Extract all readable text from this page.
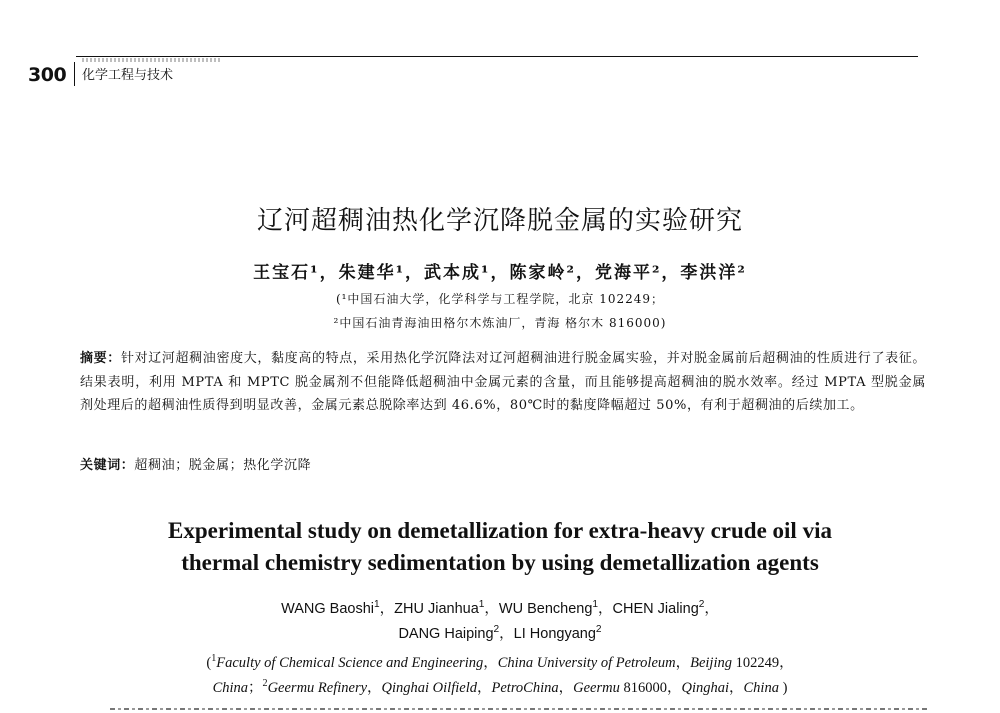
300 化学工程与技术
辽河超稠油热化学沉降脱金属的实验研究
王宝石¹，朱建华¹，武本成¹，陈家岭²，党海平²，李洪洋²
(¹中国石油大学，化学科学与工程学院，北京 102249；
²中国石油青海油田格尔木炼油厂，青海 格尔木 816000)
摘要：针对辽河超稠油密度大，黏度高的特点，采用热化学沉降法对辽河超稠油进行脱金属实验，并对脱金属前后超稠油的性质进行了表征。结果表明，利用 MPTA 和 MPTC 脱金属剂不但能降低超稠油中金属元素的含量，而且能够提高超稠油的脱水效率。经过 MPTA 型脱金属剂处理后的超稠油性质得到明显改善，金属元素总脱除率达到 46.6%，80℃时的黏度降幅超过 50%，有利于超稠油的后续加工。
关键词：超稠油；脱金属；热化学沉降
Experimental study on demetallization for extra-heavy crude oil via
thermal chemistry sedimentation by using demetallization agents
WANG Baoshi$^1$，ZHU Jianhua$^1$，WU Bencheng$^1$，CHEN Jialing$^2$，
DANG Haiping$^2$，LI Hongyang$^2$
($^1$Faculty of Chemical Science and Engineering，China University of Petroleum，Beijing 102249，
China；$^2$Geermu Refinery，Qinghai Oilfield，PetroChina，Geermu 816000，Qinghai，China )
